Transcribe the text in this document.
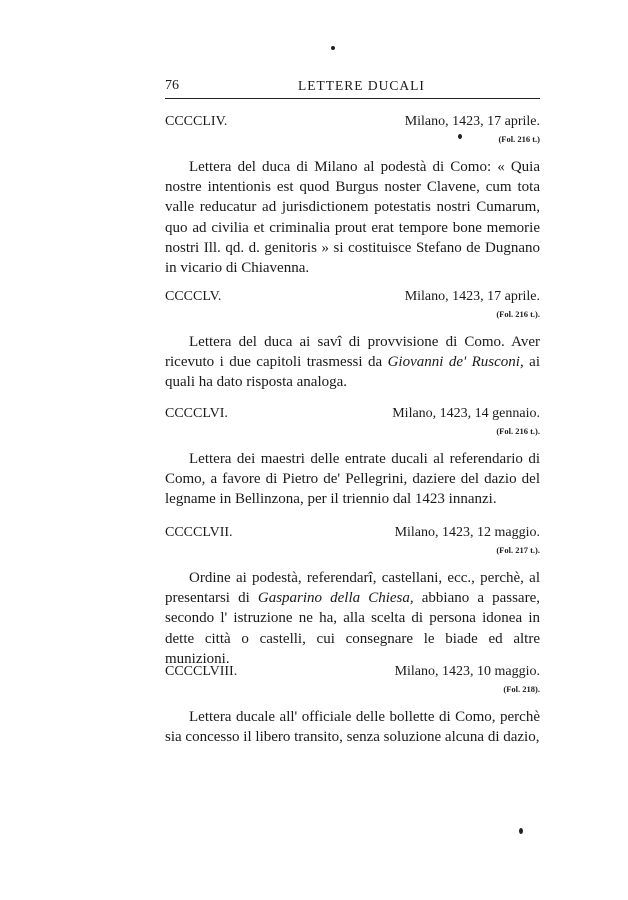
76	LETTERE DUCALI
CCCCLIV.	Milano, 1423, 17 aprile.
(Fol. 216 t.)

Lettera del duca di Milano al podestà di Como: « Quia nostre intentionis est quod Burgus noster Clavene, cum tota valle reducatur ad jurisdictionem potestatis nostri Cumarum, quo ad civilia et criminalia prout erat tempore bone memorie nostri Ill. qd. d. genitoris » si costituisce Stefano de Dugnano in vicario di Chiavenna.

CCCCLV.	Milano, 1423, 17 aprile.
(Fol. 216 t.).

Lettera del duca ai savî di provvisione di Como. Aver ricevuto i due capitoli trasmessi da Giovanni de' Rusconi, ai quali ha dato risposta analoga.

CCCCLVI.	Milano, 1423, 14 gennaio.
(Fol. 216 t.).

Lettera dei maestri delle entrate ducali al referendario di Como, a favore di Pietro de' Pellegrini, daziere del dazio del legname in Bellinzona, per il triennio dal 1423 innanzi.

CCCCLVII.	Milano, 1423, 12 maggio.
(Fol. 217 t.).

Ordine ai podestà, referendarî, castellani, ecc., perchè, al presentarsi di Gasparino della Chiesa, abbiano a passare, secondo l' istruzione ne ha, alla scelta di persona idonea in dette città o castelli, cui consegnare le biade ed altre munizioni.

CCCCLVIII.	Milano, 1423, 10 maggio.
(Fol. 218).

Lettera ducale all' officiale delle bollette di Como, perchè sia concesso il libero transito, senza soluzione alcuna di dazio,
